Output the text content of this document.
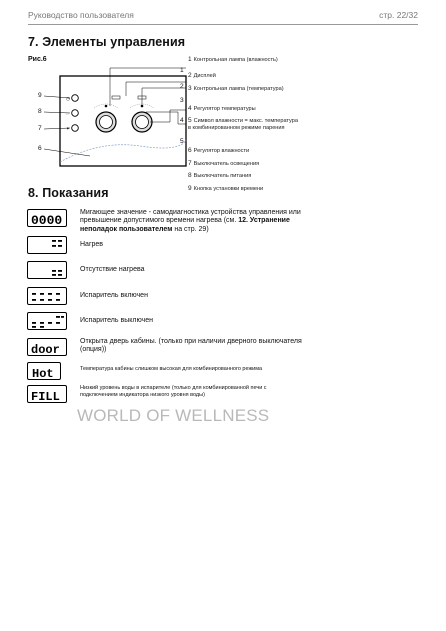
Руководство пользователя	стр. 22/32
7. Элементы управления
Рис.6
◷
◌
✦
9
8
7
6
1
2
3
4
5
1 Контрольная лампа (влажность)
2 Дисплей
3 Контрольная лампа (температура)
4 Регулятор температуры
5 Символ влажности = макс. температура в комбинированном режиме парения
6 Регулятор влажности
7 Выключатель освещения
8 Выключатель питания
9 Кнопка установки времени
8. Показания
0000
Мигающее значение - самодиагностика устройства управления или превышение допустимого времени нагрева (см. 12. Устранение неполадок пользователем на стр. 29)
Нагрев
Отсутствие нагрева
Испаритель включен
Испаритель выключен
door
Открыта дверь кабины. (только при наличии дверного выключателя (опция))
Hot	Температура кабины слишком высокая для комбинированного режима
FILL
Низкий уровень воды в испарителе (только для комбинированной печи с подключением индикатора низкого уровня воды)
WORLD OF WELLNESS
